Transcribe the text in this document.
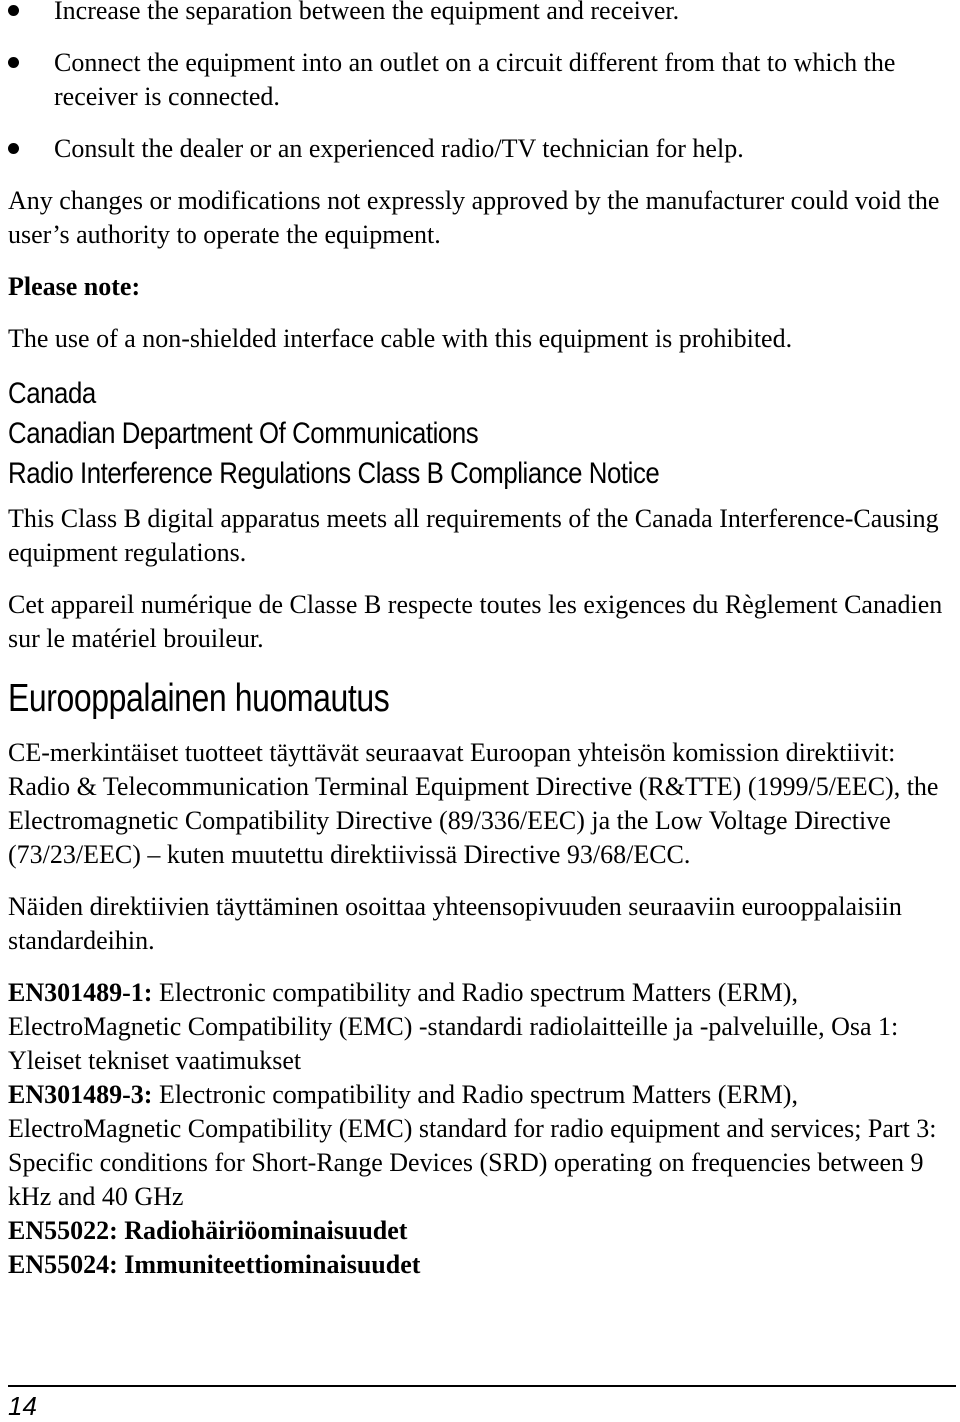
Increase the separation between the equipment and receiver.
Connect the equipment into an outlet on a circuit different from that to which the receiver is connected.
Consult the dealer or an experienced radio/TV technician for help.

Any changes or modifications not expressly approved by the manufacturer could void the user’s authority to operate the equipment.

Please note:

The use of a non-shielded interface cable with this equipment is prohibited.

Canada
Canadian Department Of Communications
Radio Interference Regulations Class B Compliance Notice

This Class B digital apparatus meets all requirements of the Canada Interference-Causing equipment regulations.

Cet appareil numérique de Classe B respecte toutes les exigences du Règlement Canadien sur le matériel brouileur.

Eurooppalainen huomautus

CE-merkintäiset tuotteet täyttävät seuraavat Euroopan yhteisön komission direktiivit: Radio & Telecommunication Terminal Equipment Directive (R&TTE) (1999/5/EEC), the Electromagnetic Compatibility Directive (89/336/EEC) ja the Low Voltage Directive (73/23/EEC) – kuten muutettu direktiivissä Directive 93/68/ECC.

Näiden direktiivien täyttäminen osoittaa yhteensopivuuden seuraaviin eurooppalaisiin standardeihin.

EN301489-1: Electronic compatibility and Radio spectrum Matters (ERM), ElectroMagnetic Compatibility (EMC) -standardi radiolaitteille ja -palveluille, Osa 1: Yleiset tekniset vaatimukset

EN301489-3: Electronic compatibility and Radio spectrum Matters (ERM), ElectroMagnetic Compatibility (EMC) standard for radio equipment and services; Part 3: Specific conditions for Short-Range Devices (SRD) operating on frequencies between 9 kHz and 40 GHz

EN55022: Radiohäiriöominaisuudet

EN55024: Immuniteettiominaisuudet

14
